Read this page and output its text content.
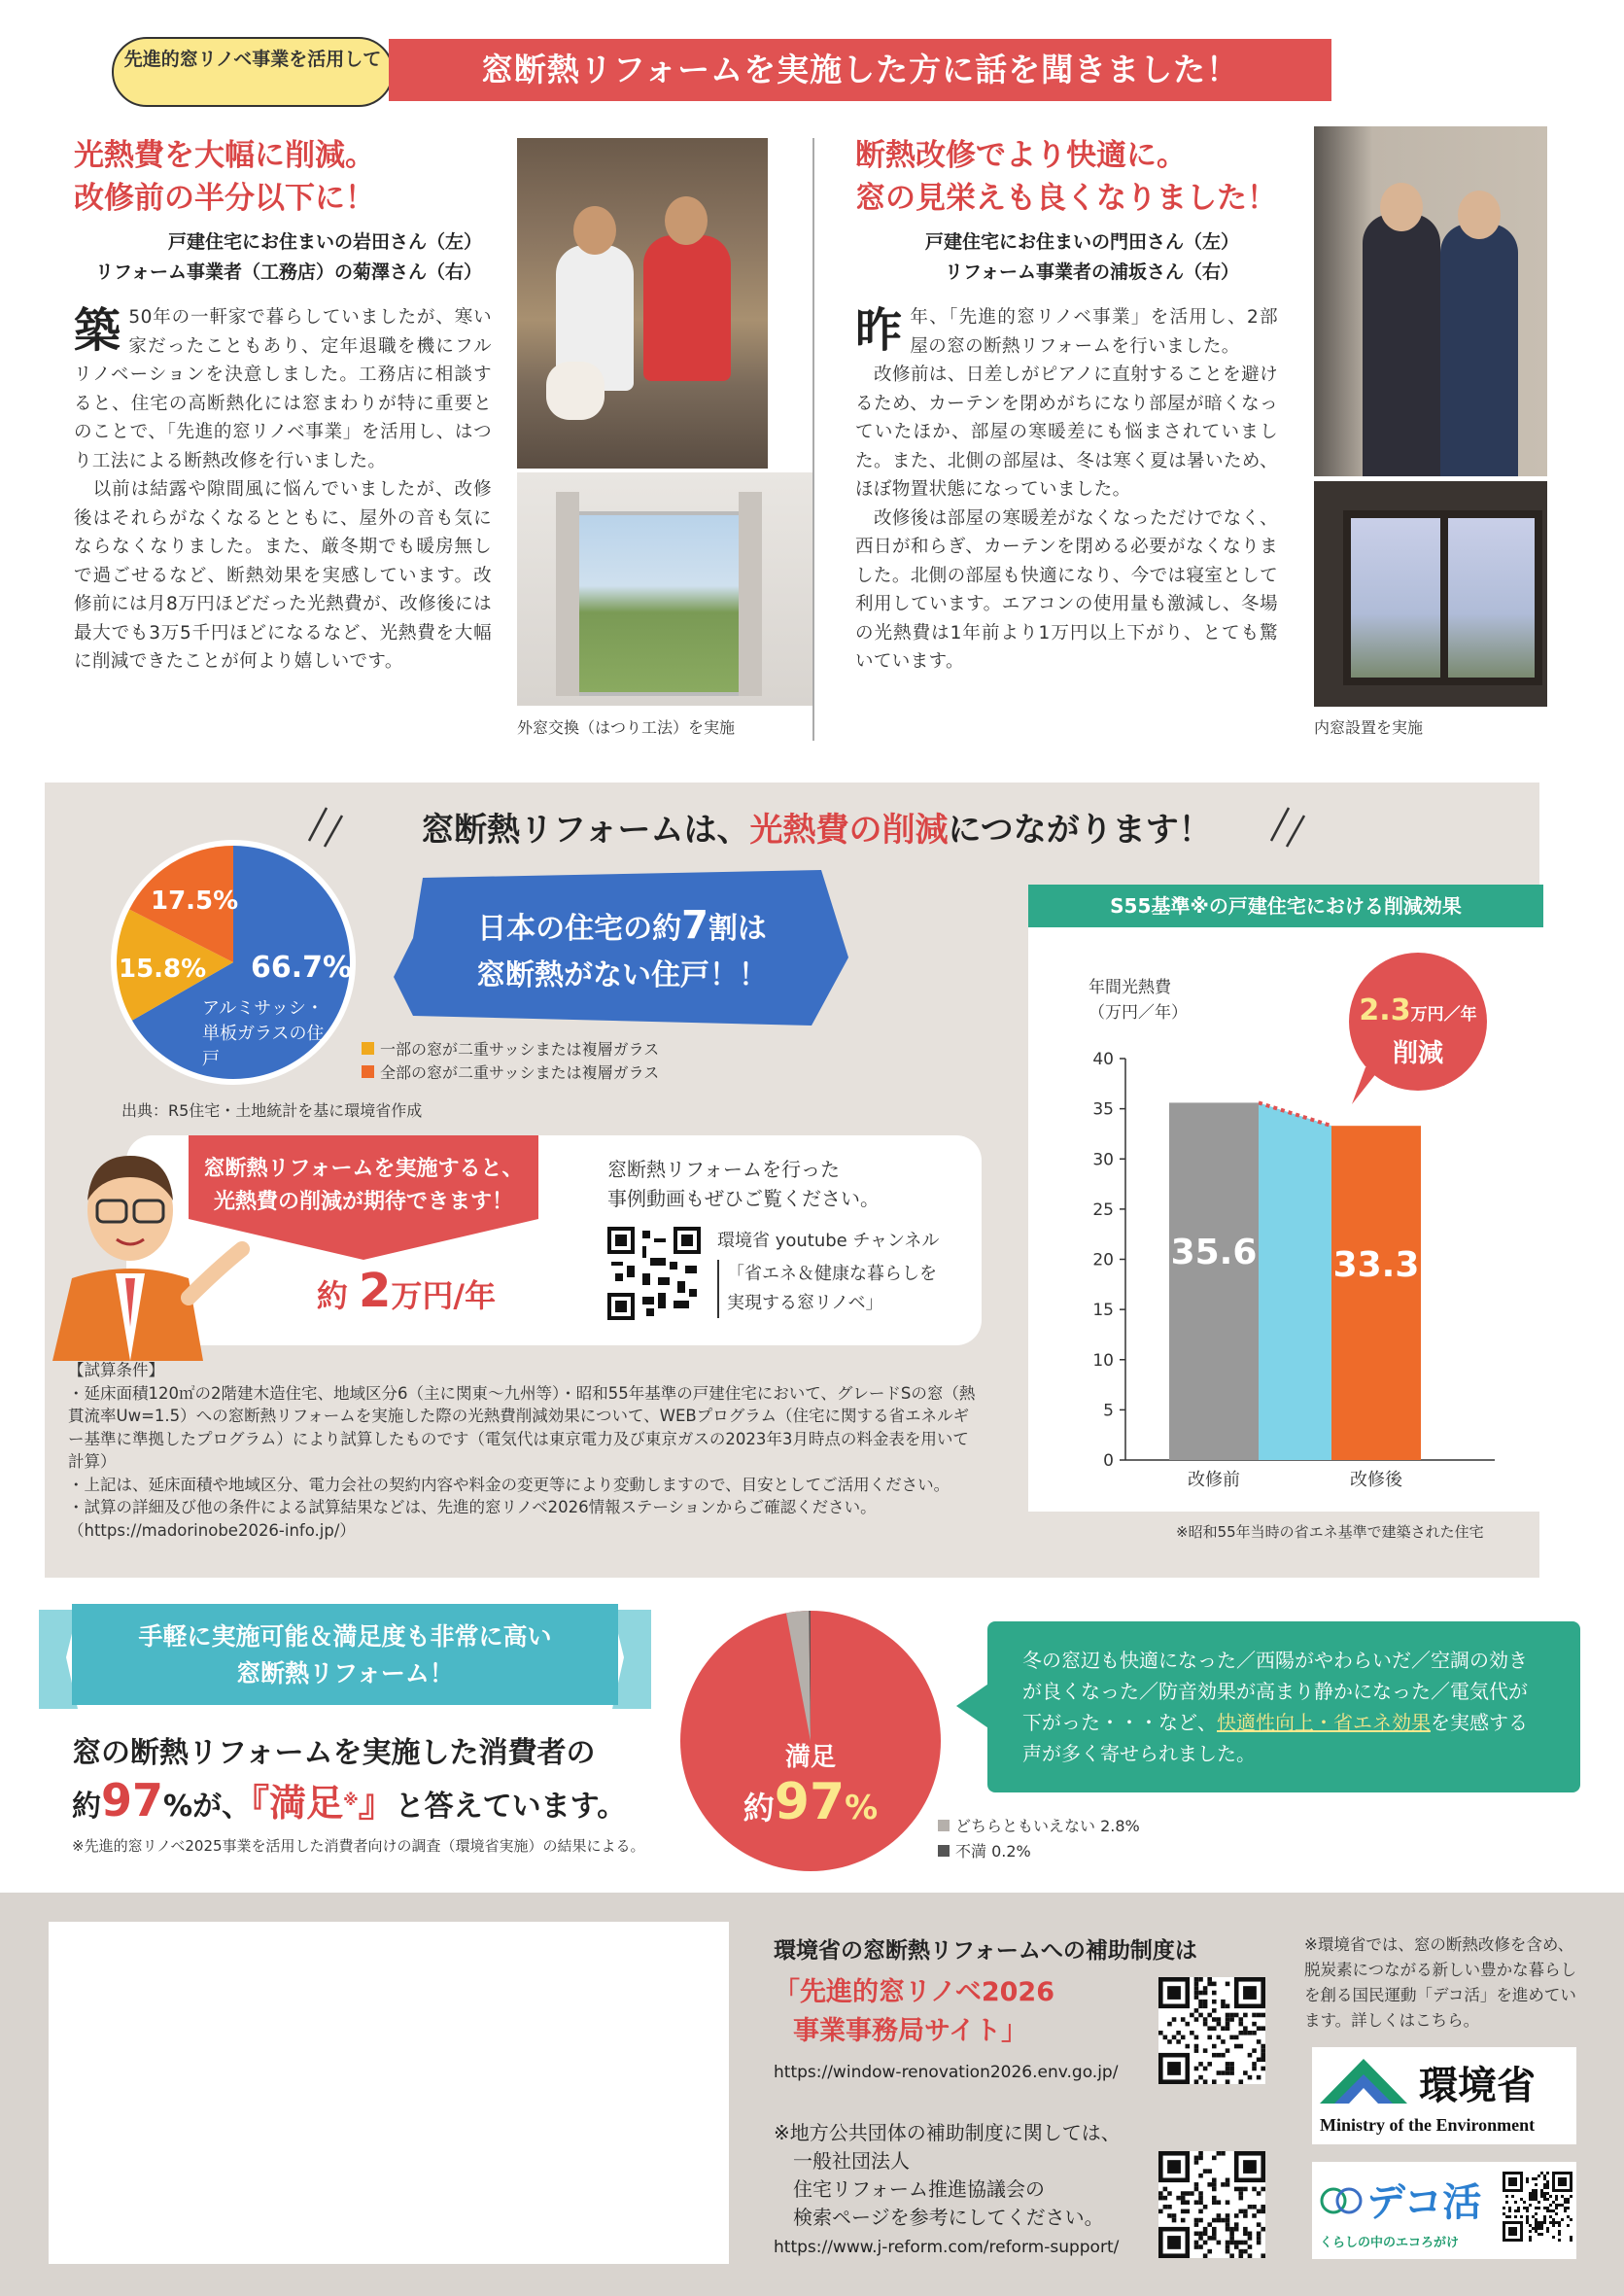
先進的窓リノベ事業を活用して	窓断熱リフォームを実施した方に話を聞きました！
光熱費を大幅に削減。
改修前の半分以下に！
戸建住宅にお住まいの岩田さん（左）
リフォーム事業者（工務店）の菊澤さん（右）
築 50年の一軒家で暮らしていましたが、寒い家だったこともあり、定年退職を機にフルリノベーションを決意しました。工務店に相談すると、住宅の高断熱化には窓まわりが特に重要とのことで、「先進的窓リノベ事業」を活用し、はつり工法による断熱改修を行いました。
　以前は結露や隙間風に悩んでいましたが、改修後はそれらがなくなるとともに、屋外の音も気にならなくなりました。また、厳冬期でも暖房無しで過ごせるなど、断熱効果を実感しています。改修前には月8万円ほどだった光熱費が、改修後には最大でも3万5千円ほどになるなど、光熱費を大幅に削減できたことが何より嬉しいです。
外窓交換（はつり工法）を実施
断熱改修でより快適に。
窓の見栄えも良くなりました！
戸建住宅にお住まいの門田さん（左）
リフォーム事業者の浦坂さん（右）
昨年、「先進的窓リノベ事業」を活用し、2部屋の窓の断熱リフォームを行いました。
　改修前は、日差しがピアノに直射することを避けるため、カーテンを閉めがちになり部屋が暗くなっていたほか、部屋の寒暖差にも悩まされていました。また、北側の部屋は、冬は寒く夏は暑いため、ほぼ物置状態になっていました。
　改修後は部屋の寒暖差がなくなっただけでなく、西日が和らぎ、カーテンを閉める必要がなくなりました。北側の部屋も快適になり、今では寝室として利用しています。エアコンの使用量も激減し、冬場の光熱費は1年前より1万円以上下がり、とても驚いています。
内窓設置を実施
窓断熱リフォームは、光熱費の削減につながります！
17.5%
15.8% 66.7%
アルミサッシ・単板ガラスの住戸	一部の窓が二重サッシまたは複層ガラス
全部の窓が二重サッシまたは複層ガラス
出典：R5住宅・土地統計を基に環境省作成
日本の住宅の約7割は
窓断熱がない住戸！！
窓断熱リフォームを実施すると、
光熱費の削減が期待できます！
約 2万円/年
窓断熱リフォームを行った
事例動画もぜひご覧ください。
環境省 youtube チャンネル
「省エネ＆健康な暮らしを
実現する窓リノベ」
【試算条件】
・延床面積120㎡の2階建木造住宅、地域区分6（主に関東～九州等）・昭和55年基準の戸建住宅において、グレードSの窓（熱貫流率Uw=1.5）への窓断熱リフォームを実施した際の光熱費削減効果について、WEBプログラム（住宅に関する省エネルギー基準に準拠したプログラム）により試算したものです（電気代は東京電力及び東京ガスの2023年3月時点の料金表を用いて計算）
・上記は、延床面積や地域区分、電力会社の契約内容や料金の変更等により変動しますので、目安としてご活用ください。
・試算の詳細及び他の条件による試算結果などは、先進的窓リノベ2026情報ステーションからご確認ください。（https://madorinobe2026-info.jp/）
S55基準※の戸建住宅における削減効果
年間光熱費
（万円／年）
0
5
10
15
20
25
30
35
40
35.6
改修前
33.3
改修後
2.3万円／年
削減
※昭和55年当時の省エネ基準で建築された住宅
手軽に実施可能＆満足度も非常に高い
窓断熱リフォーム！
窓の断熱リフォームを実施した消費者の
約97%が、『満足※』と答えています。
※先進的窓リノベ2025事業を活用した消費者向けの調査（環境省実施）の結果による。
満足
約97%	どちらともいえない 2.8%
不満 0.2%
冬の窓辺も快適になった／西陽がやわらいだ／空調の効きが良くなった／防音効果が高まり静かになった／電気代が下がった・・・など、快適性向上・省エネ効果を実感する声が多く寄せられました。
環境省の窓断熱リフォームへの補助制度は
「先進的窓リノベ2026
事業事務局サイト」
https://window-renovation2026.env.go.jp/
※地方公共団体の補助制度に関しては、
一般社団法人
住宅リフォーム推進協議会の
検索ページを参考にしてください。
https://www.j-reform.com/reform-support/
※環境省では、窓の断熱改修を含め、脱炭素につながる新しい豊かな暮らしを創る国民運動「デコ活」を進めています。詳しくはこちら。
環境省
Ministry of the Environment
デコ活
くらしの中のエコろがけ
